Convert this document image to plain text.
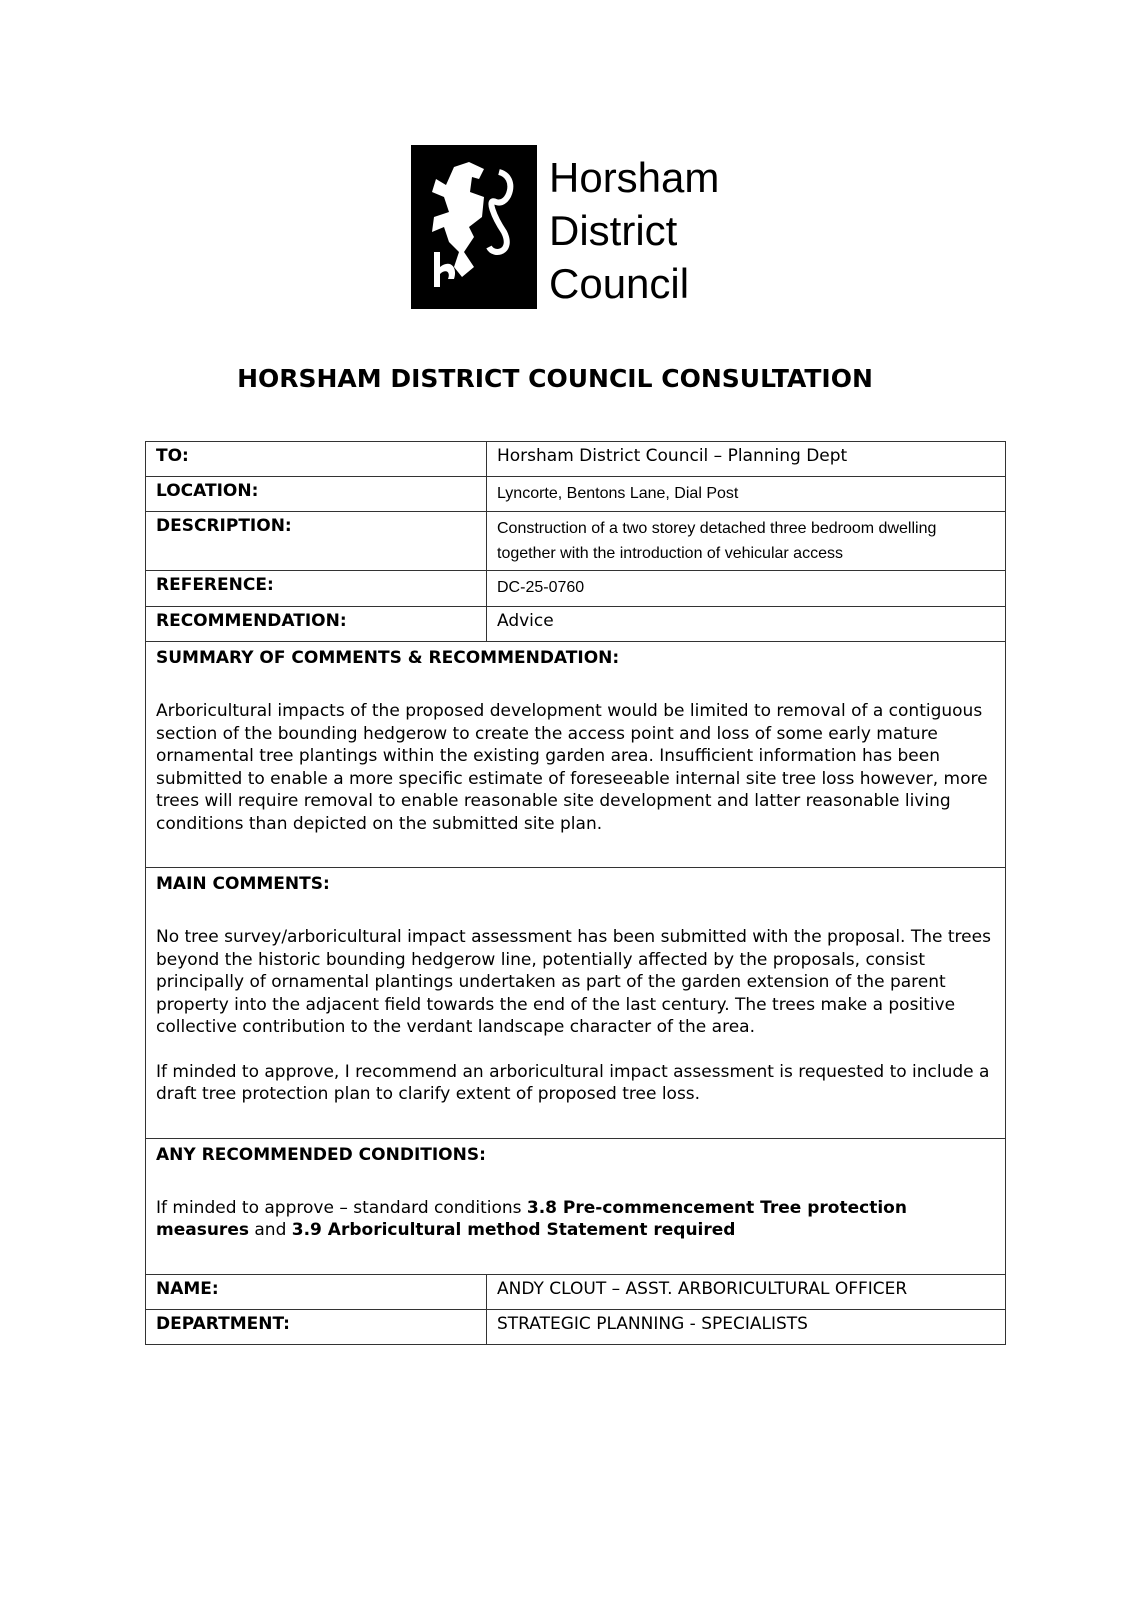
Horsham
District
Council
HORSHAM DISTRICT COUNCIL CONSULTATION
TO:	Horsham District Council – Planning Dept
LOCATION:	Lyncorte, Bentons Lane, Dial Post
DESCRIPTION:	Construction of a two storey detached three bedroom dwelling together with the introduction of vehicular access
REFERENCE:	DC-25-0760
RECOMMENDATION:	Advice

SUMMARY OF COMMENTS & RECOMMENDATION:

Arboricultural impacts of the proposed development would be limited to removal of a contiguous section of the bounding hedgerow to create the access point and loss of some early mature ornamental tree plantings within the existing garden area. Insufficient information has been submitted to enable a more specific estimate of foreseeable internal site tree loss however, more trees will require removal to enable reasonable site development and latter reasonable living conditions than depicted on the submitted site plan.	

MAIN COMMENTS:

No tree survey/arboricultural impact assessment has been submitted with the proposal. The trees beyond the historic bounding hedgerow line, potentially affected by the proposals, consist principally of ornamental plantings undertaken as part of the garden extension of the parent property into the adjacent field towards the end of the last century. The trees make a positive collective contribution to the verdant landscape character of the area.

If minded to approve, I recommend an arboricultural impact assessment is requested to include a draft tree protection plan to clarify extent of proposed tree loss.	

ANY RECOMMENDED CONDITIONS:

If minded to approve – standard conditions 3.8 Pre-commencement Tree protection measures and 3.9 Arboricultural method Statement required	

NAME:	ANDY CLOUT – ASST. ARBORICULTURAL OFFICER
DEPARTMENT:	STRATEGIC PLANNING - SPECIALISTS
